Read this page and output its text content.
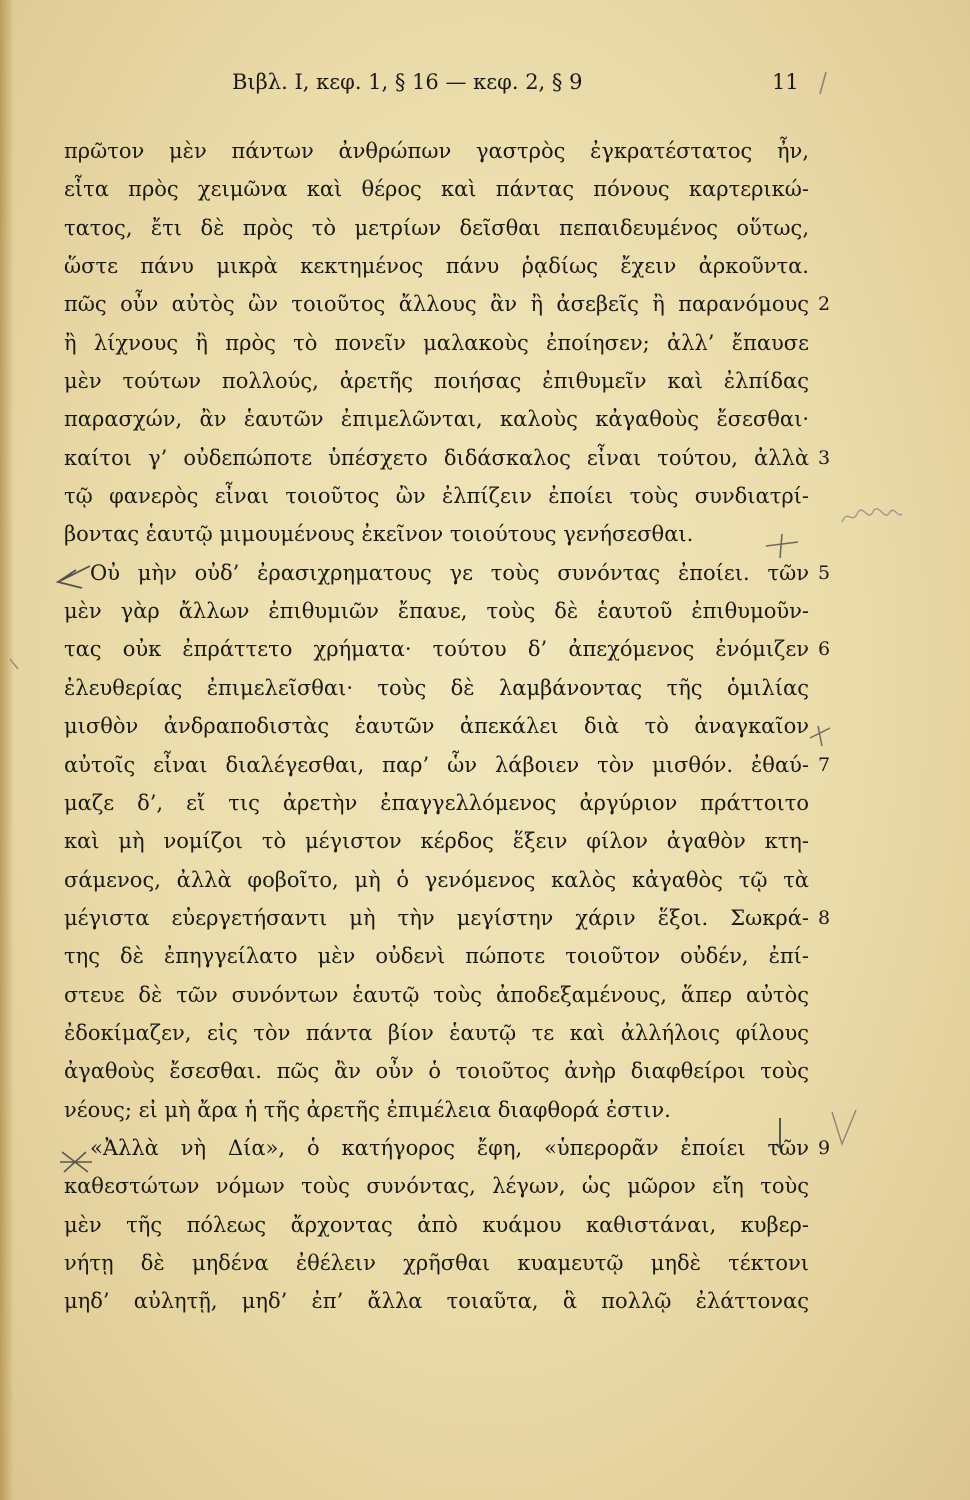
Βιβλ. Ι, κεφ. 1, § 16 — κεφ. 2, § 9	11
πρῶτον μὲν πάντων ἀνθρώπων γαστρὸς ἐγκρατέστατος ἦν,
εἶτα πρὸς χειμῶνα καὶ θέρος καὶ πάντας πόνους καρτερικώ-
τατος, ἔτι δὲ πρὸς τὸ μετρίων δεῖσθαι πεπαιδευμένος οὕτως,
ὥστε πάνυ μικρὰ κεκτημένος πάνυ ῥᾳδίως ἔχειν ἀρκοῦντα.
πῶς οὖν αὐτὸς ὢν τοιοῦτος ἄλλους ἂν ἢ ἀσεβεῖς ἢ παρανόμους 2
ἢ λίχνους ἢ πρὸς τὸ πονεῖν μαλακοὺς ἐποίησεν; ἀλλ’ ἔπαυσε
μὲν τούτων πολλούς, ἀρετῆς ποιήσας ἐπιθυμεῖν καὶ ἐλπίδας
παρασχών, ἂν ἑαυτῶν ἐπιμελῶνται, καλοὺς κἀγαθοὺς ἔσεσθαι·
καίτοι γ’ οὐδεπώποτε ὑπέσχετο διδάσκαλος εἶναι τούτου, ἀλλὰ 3
τῷ φανερὸς εἶναι τοιοῦτος ὢν ἐλπίζειν ἐποίει τοὺς συνδιατρί-
βοντας ἑαυτῷ μιμουμένους ἐκεῖνον τοιούτους γενήσεσθαι.
Οὐ μὴν οὐδ’ ἐρασιχρηματους γε τοὺς συνόντας ἐποίει. τῶν 5
μὲν γὰρ ἄλλων ἐπιθυμιῶν ἔπαυε, τοὺς δὲ ἑαυτοῦ ἐπιθυμοῦν-
τας οὐκ ἐπράττετο χρήματα· τούτου δ’ ἀπεχόμενος ἐνόμιζεν 6
ἐλευθερίας ἐπιμελεῖσθαι· τοὺς δὲ λαμβάνοντας τῆς ὁμιλίας
μισθὸν ἀνδραποδιστὰς ἑαυτῶν ἀπεκάλει διὰ τὸ ἀναγκαῖον
αὐτοῖς εἶναι διαλέγεσθαι, παρ’ ὧν λάβοιεν τὸν μισθόν. ἐθαύ- 7
μαζε δ’, εἴ τις ἀρετὴν ἐπαγγελλόμενος ἀργύριον πράττοιτο
καὶ μὴ νομίζοι τὸ μέγιστον κέρδος ἕξειν φίλον ἀγαθὸν κτη-
σάμενος, ἀλλὰ φοβοῖτο, μὴ ὁ γενόμενος καλὸς κἀγαθὸς τῷ τὰ
μέγιστα εὐεργετήσαντι μὴ τὴν μεγίστην χάριν ἕξοι. Σωκρά- 8
της δὲ ἐπηγγείλατο μὲν οὐδενὶ πώποτε τοιοῦτον οὐδέν, ἐπί-
στευε δὲ τῶν συνόντων ἑαυτῷ τοὺς ἀποδεξαμένους, ἅπερ αὐτὸς
ἐδοκίμαζεν, εἰς τὸν πάντα βίον ἑαυτῷ τε καὶ ἀλλήλοις φίλους
ἀγαθοὺς ἔσεσθαι. πῶς ἂν οὖν ὁ τοιοῦτος ἀνὴρ διαφθείροι τοὺς
νέους; εἰ μὴ ἄρα ἡ τῆς ἀρετῆς ἐπιμέλεια διαφθορά ἐστιν.
«Ἀλλὰ νὴ Δία», ὁ κατήγορος ἔφη, «ὑπερορᾶν ἐποίει τῶν 9
καθεστώτων νόμων τοὺς συνόντας, λέγων, ὡς μῶρον εἴη τοὺς
μὲν τῆς πόλεως ἄρχοντας ἀπὸ κυάμου καθιστάναι, κυβερ-
νήτῃ δὲ μηδένα ἐθέλειν χρῆσθαι κυαμευτῷ μηδὲ τέκτονι
μηδ’ αὐλητῇ, μηδ’ ἐπ’ ἄλλα τοιαῦτα, ἃ πολλῷ ἐλάττονας
